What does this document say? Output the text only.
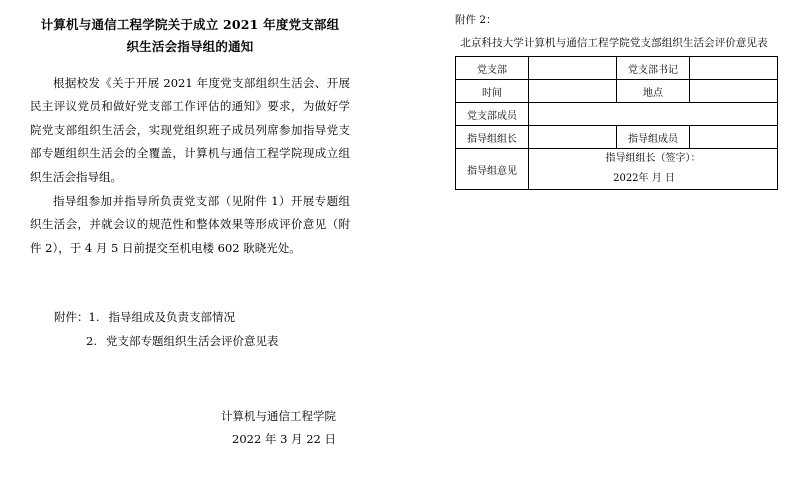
计算机与通信工程学院关于成立 2021 年度党支部组
织生活会指导组的通知

根据校发《关于开展 2021 年度党支部组织生活会、开展民主评议党员和做好党支部工作评估的通知》要求，为做好学院党支部组织生活会，实现党组织班子成员列席参加指导党支部专题组织生活会的全覆盖，计算机与通信工程学院现成立组织生活会指导组。

指导组参加并指导所负责党支部（见附件 1）开展专题组织生活会，并就会议的规范性和整体效果等形成评价意见（附件 2），于 4 月 5 日前提交至机电楼 602 耿晓光处。

附件：1. 指导组成及负责支部情况
2. 党支部专题组织生活会评价意见表
计算机与通信工程学院
2022 年 3 月 22 日

附件 2：

北京科技大学计算机与通信工程学院党支部组织生活会评价意见表

党支部		党支部书记	
时间		地点	
党支部成员			
指导组组长		指导组成员	
指导组意见	指导组组长（签字）：
2022年 月 日		
